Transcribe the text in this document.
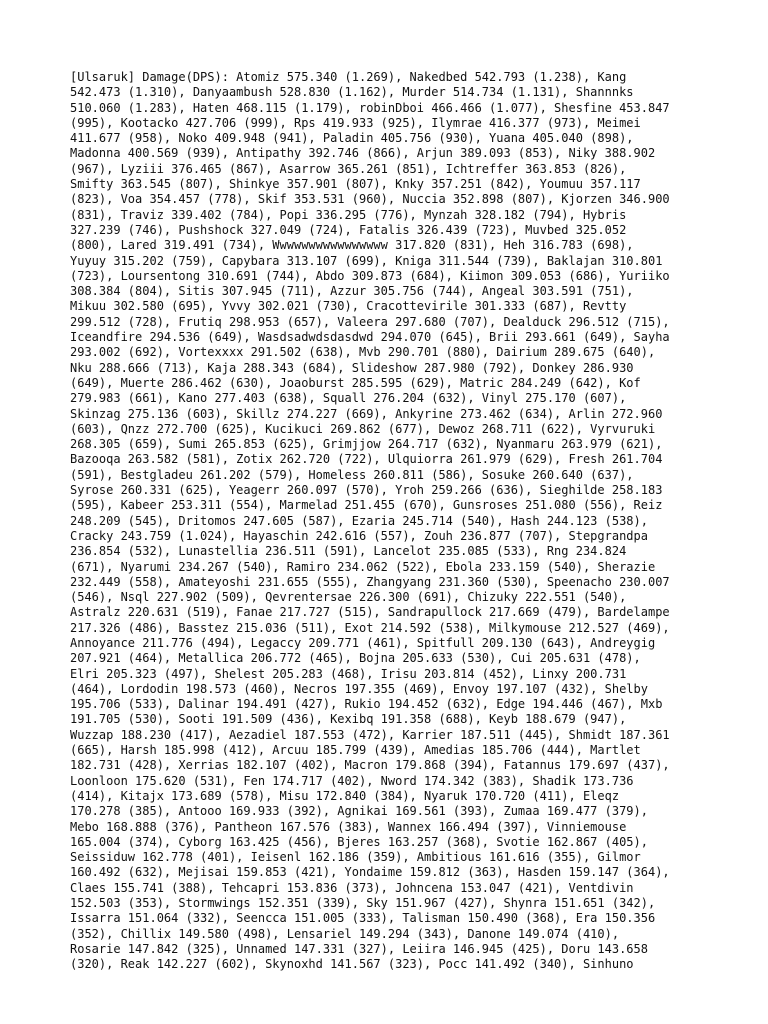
[Ulsaruk] Damage(DPS): Atomiz 575.340 (1.269), Nakedbed 542.793 (1.238), Kang
542.473 (1.310), Danyaambush 528.830 (1.162), Murder 514.734 (1.131), Shannnks
510.060 (1.283), Haten 468.115 (1.179), robinDboi 466.466 (1.077), Shesfine 453.847
(995), Kootacko 427.706 (999), Rps 419.933 (925), Ilymrae 416.377 (973), Meimei
411.677 (958), Noko 409.948 (941), Paladin 405.756 (930), Yuana 405.040 (898),
Madonna 400.569 (939), Antipathy 392.746 (866), Arjun 389.093 (853), Niky 388.902
(967), Lyziii 376.465 (867), Asarrow 365.261 (851), Ichtreffer 363.853 (826),
Smifty 363.545 (807), Shinkye 357.901 (807), Knky 357.251 (842), Youmuu 357.117
(823), Voa 354.457 (778), Skif 353.531 (960), Nuccia 352.898 (807), Kjorzen 346.900
(831), Traviz 339.402 (784), Popi 336.295 (776), Mynzah 328.182 (794), Hybris
327.239 (746), Pushshock 327.049 (724), Fatalis 326.439 (723), Muvbed 325.052
(800), Lared 319.491 (734), Wwwwwwwwwwwwwwww 317.820 (831), Heh 316.783 (698),
Yuyuy 315.202 (759), Capybara 313.107 (699), Kniga 311.544 (739), Baklajan 310.801
(723), Loursentong 310.691 (744), Abdo 309.873 (684), Kiimon 309.053 (686), Yuriiko
308.384 (804), Sitis 307.945 (711), Azzur 305.756 (744), Angeal 303.591 (751),
Mikuu 302.580 (695), Yvvy 302.021 (730), Cracottevirile 301.333 (687), Revtty
299.512 (728), Frutiq 298.953 (657), Valeera 297.680 (707), Dealduck 296.512 (715),
Iceandfire 294.536 (649), Wasdsadwdsdasdwd 294.070 (645), Brii 293.661 (649), Sayha
293.002 (692), Vortexxxx 291.502 (638), Mvb 290.701 (880), Dairium 289.675 (640),
Nku 288.666 (713), Kaja 288.343 (684), Slideshow 287.980 (792), Donkey 286.930
(649), Muerte 286.462 (630), Joaoburst 285.595 (629), Matric 284.249 (642), Kof
279.983 (661), Kano 277.403 (638), Squall 276.204 (632), Vinyl 275.170 (607),
Skinzag 275.136 (603), Skillz 274.227 (669), Ankyrine 273.462 (634), Arlin 272.960
(603), Qnzz 272.700 (625), Kucikuci 269.862 (677), Dewoz 268.711 (622), Vyrvuruki
268.305 (659), Sumi 265.853 (625), Grimjjow 264.717 (632), Nyanmaru 263.979 (621),
Bazooqa 263.582 (581), Zotix 262.720 (722), Ulquiorra 261.979 (629), Fresh 261.704
(591), Bestgladeu 261.202 (579), Homeless 260.811 (586), Sosuke 260.640 (637),
Syrose 260.331 (625), Yeagerr 260.097 (570), Yroh 259.266 (636), Sieghilde 258.183
(595), Kabeer 253.311 (554), Marmelad 251.455 (670), Gunsroses 251.080 (556), Reiz
248.209 (545), Dritomos 247.605 (587), Ezaria 245.714 (540), Hash 244.123 (538),
Cracky 243.759 (1.024), Hayaschin 242.616 (557), Zouh 236.877 (707), Stepgrandpa
236.854 (532), Lunastellia 236.511 (591), Lancelot 235.085 (533), Rng 234.824
(671), Nyarumi 234.267 (540), Ramiro 234.062 (522), Ebola 233.159 (540), Sherazie
232.449 (558), Amateyoshi 231.655 (555), Zhangyang 231.360 (530), Speenacho 230.007
(546), Nsql 227.902 (509), Qevrentersae 226.300 (691), Chizuky 222.551 (540),
Astralz 220.631 (519), Fanae 217.727 (515), Sandrapullock 217.669 (479), Bardelampe
217.326 (486), Basstez 215.036 (511), Exot 214.592 (538), Milkymouse 212.527 (469),
Annoyance 211.776 (494), Legaccy 209.771 (461), Spitfull 209.130 (643), Andreygig
207.921 (464), Metallica 206.772 (465), Bojna 205.633 (530), Cui 205.631 (478),
Elri 205.323 (497), Shelest 205.283 (468), Irisu 203.814 (452), Linxy 200.731
(464), Lordodin 198.573 (460), Necros 197.355 (469), Envoy 197.107 (432), Shelby
195.706 (533), Dalinar 194.491 (427), Rukio 194.452 (632), Edge 194.446 (467), Mxb
191.705 (530), Sooti 191.509 (436), Kexibq 191.358 (688), Keyb 188.679 (947),
Wuzzap 188.230 (417), Aezadiel 187.553 (472), Karrier 187.511 (445), Shmidt 187.361
(665), Harsh 185.998 (412), Arcuu 185.799 (439), Amedias 185.706 (444), Martlet
182.731 (428), Xerrias 182.107 (402), Macron 179.868 (394), Fatannus 179.697 (437),
Loonloon 175.620 (531), Fen 174.717 (402), Nword 174.342 (383), Shadik 173.736
(414), Kitajx 173.689 (578), Misu 172.840 (384), Nyaruk 170.720 (411), Eleqz
170.278 (385), Antooo 169.933 (392), Agnikai 169.561 (393), Zumaa 169.477 (379),
Mebo 168.888 (376), Pantheon 167.576 (383), Wannex 166.494 (397), Vinniemouse
165.004 (374), Cyborg 163.425 (456), Bjeres 163.257 (368), Svotie 162.867 (405),
Seissiduw 162.778 (401), Ieisenl 162.186 (359), Ambitious 161.616 (355), Gilmor
160.492 (632), Mejisai 159.853 (421), Yondaime 159.812 (363), Hasden 159.147 (364),
Claes 155.741 (388), Tehcapri 153.836 (373), Johncena 153.047 (421), Ventdivin
152.503 (353), Stormwings 152.351 (339), Sky 151.967 (427), Shynra 151.651 (342),
Issarra 151.064 (332), Seencca 151.005 (333), Talisman 150.490 (368), Era 150.356
(352), Chillix 149.580 (498), Lensariel 149.294 (343), Danone 149.074 (410),
Rosarie 147.842 (325), Unnamed 147.331 (327), Leiira 146.945 (425), Doru 143.658
(320), Reak 142.227 (602), Skynoxhd 141.567 (323), Pocc 141.492 (340), Sinhuno
